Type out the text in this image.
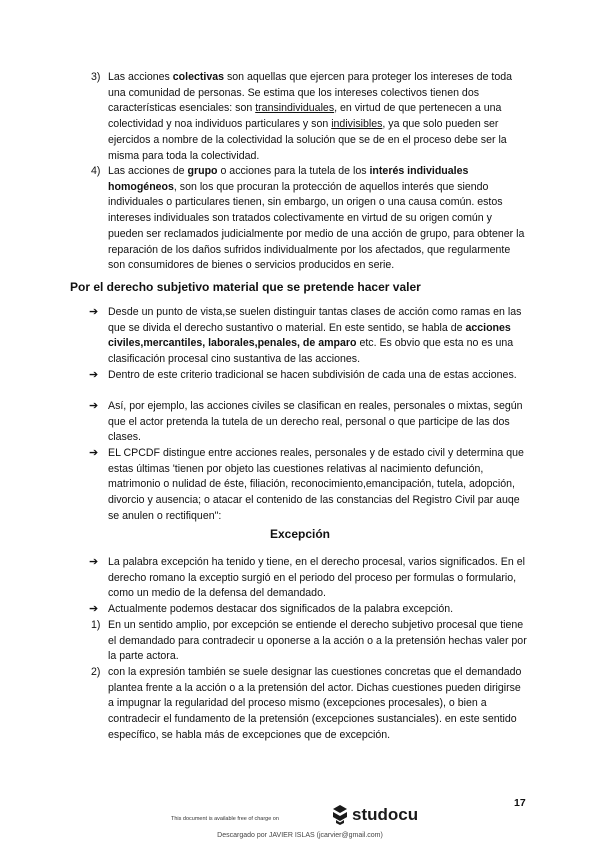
3) Las acciones colectivas son aquellas que ejercen para proteger los intereses de toda una comunidad de personas. Se estima que los intereses colectivos tienen dos características esenciales: son transindividuales, en virtud de que pertenecen a una colectividad y noa individuos particulares y son indivisibles, ya que solo pueden ser ejercidos a nombre de la colectividad la solución que se de en el proceso debe ser la misma para toda la colectividad.
4) Las acciones de grupo o acciones para la tutela de los interés individuales homogéneos, son los que procuran la protección de aquellos interés que siendo individuales o particulares tienen, sin embargo, un origen o una causa común. estos intereses individuales son tratados colectivamente en virtud de su origen común y pueden ser reclamados judicialmente por medio de una acción de grupo, para obtener la reparación de los daños sufridos individualmente por los afectados, que regularmente son consumidores de bienes o servicios producidos en serie.
Por el derecho subjetivo material que se pretende hacer valer
➔ Desde un punto de vista,se suelen distinguir tantas clases de acción como ramas en las que se divida el derecho sustantivo o material. En este sentido, se habla de acciones civiles,mercantiles, laborales,penales, de amparo etc. Es obvio que esta no es una clasificación procesal cino sustantiva de las acciones.
➔ Dentro de este criterio tradicional se hacen subdivisión de cada una de estas acciones.
➔ Así, por ejemplo, las acciones civiles se clasifican en reales, personales o mixtas, según que el actor pretenda la tutela de un derecho real, personal o que participe de las dos clases.
➔ EL CPCDF distingue entre acciones reales, personales y de estado civil y determina que estas últimas 'tienen por objeto las cuestiones relativas al nacimiento defunción, matrimonio o nulidad de éste, filiación, reconocimiento,emancipación, tutela, adopción, divorcio y ausencia; o atacar el contenido de las constancias del Registro Civil par auqe se anulen o rectifiquen":
Excepción
➔ La palabra excepción ha tenido y tiene, en el derecho procesal, varios significados. En el derecho romano la exceptio surgió en el periodo del proceso per formulas o formulario, como un medio de la defensa del demandado.
➔ Actualmente podemos destacar dos significados de la palabra excepción.
1) En un sentido amplio, por excepción se entiende el derecho subjetivo procesal que tiene el demandado para contradecir u oponerse a la acción o a la pretensión hechas valer por la parte actora.
2) con la expresión también se suele designar las cuestiones concretas que el demandado plantea frente a la acción o a la pretensión del actor. Dichas cuestiones pueden dirigirse a impugnar la regularidad del proceso mismo (excepciones procesales), o bien a contradecir el fundamento de la pretensión (excepciones sustanciales). en este sentido específico, se habla más de excepciones que de excepción.
17
This document is available free of charge on	studocu
Descargado por JAVIER ISLAS (jcarvier@gmail.com)
